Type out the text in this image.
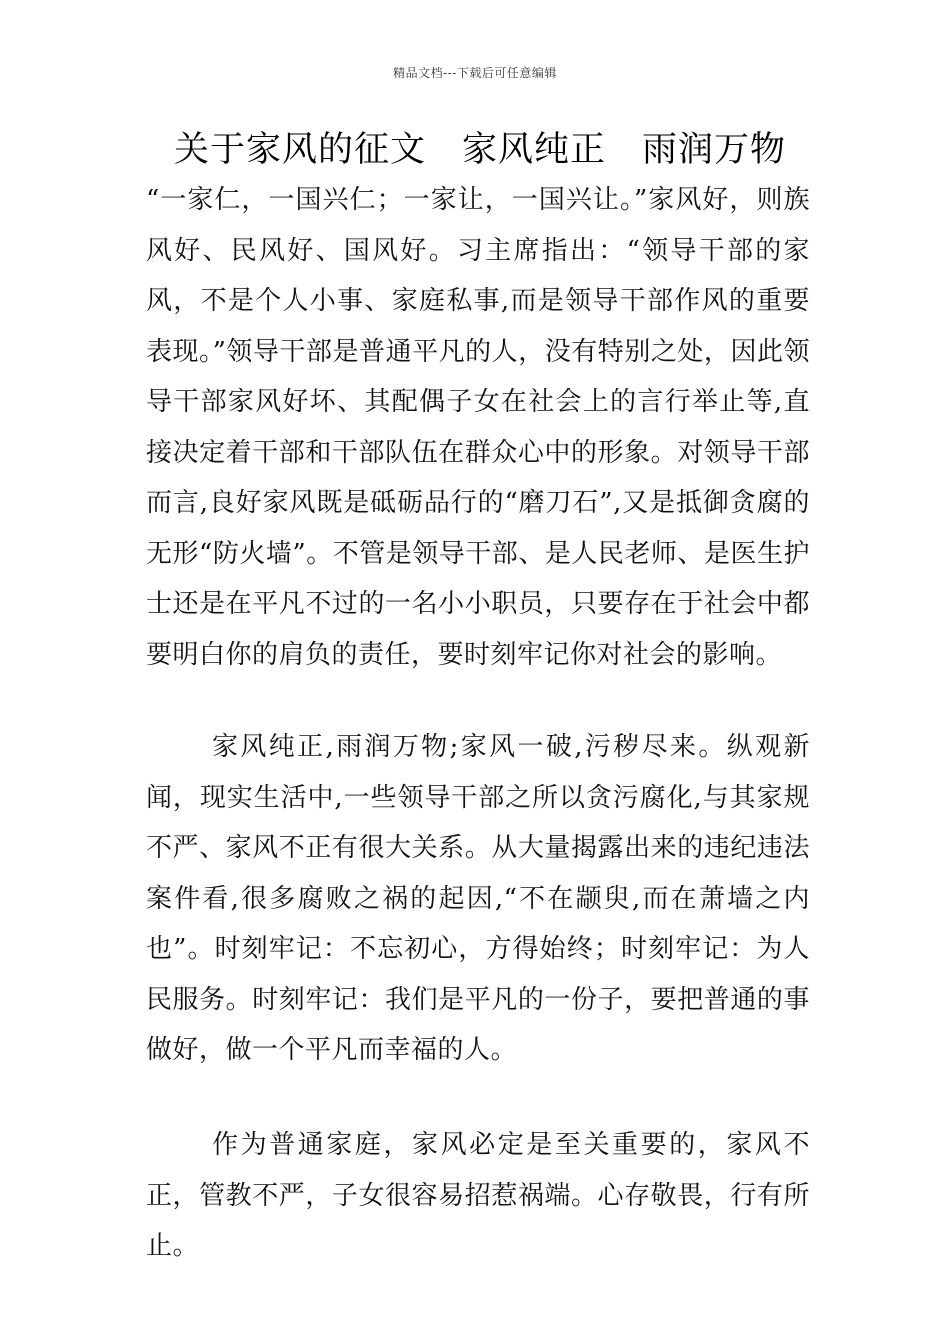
精品文档---下载后可任意编辑
关于家风的征文　家风纯正　雨润万物

“一家仁，一国兴仁；一家让，一国兴让。”家风好，则族风好、民风好、国风好。习主席指出：“领导干部的家风，不是个人小事、家庭私事,而是领导干部作风的重要表现。”领导干部是普通平凡的人，没有特别之处，因此领导干部家风好坏、其配偶子女在社会上的言行举止等,直接决定着干部和干部队伍在群众心中的形象。对领导干部而言,良好家风既是砥砺品行的“磨刀石”,又是抵御贪腐的无形“防火墙”。不管是领导干部、是人民老师、是医生护士还是在平凡不过的一名小小职员，只要存在于社会中都要明白你的肩负的责任，要时刻牢记你对社会的影响。

家风纯正,雨润万物;家风一破,污秽尽来。纵观新闻，现实生活中,一些领导干部之所以贪污腐化,与其家规不严、家风不正有很大关系。从大量揭露出来的违纪违法案件看,很多腐败之祸的起因,“不在颛臾,而在萧墙之内也”。时刻牢记：不忘初心，方得始终；时刻牢记：为人民服务。时刻牢记：我们是平凡的一份子，要把普通的事做好，做一个平凡而幸福的人。

作为普通家庭，家风必定是至关重要的，家风不正，管教不严，子女很容易招惹祸端。心存敬畏，行有所止。
